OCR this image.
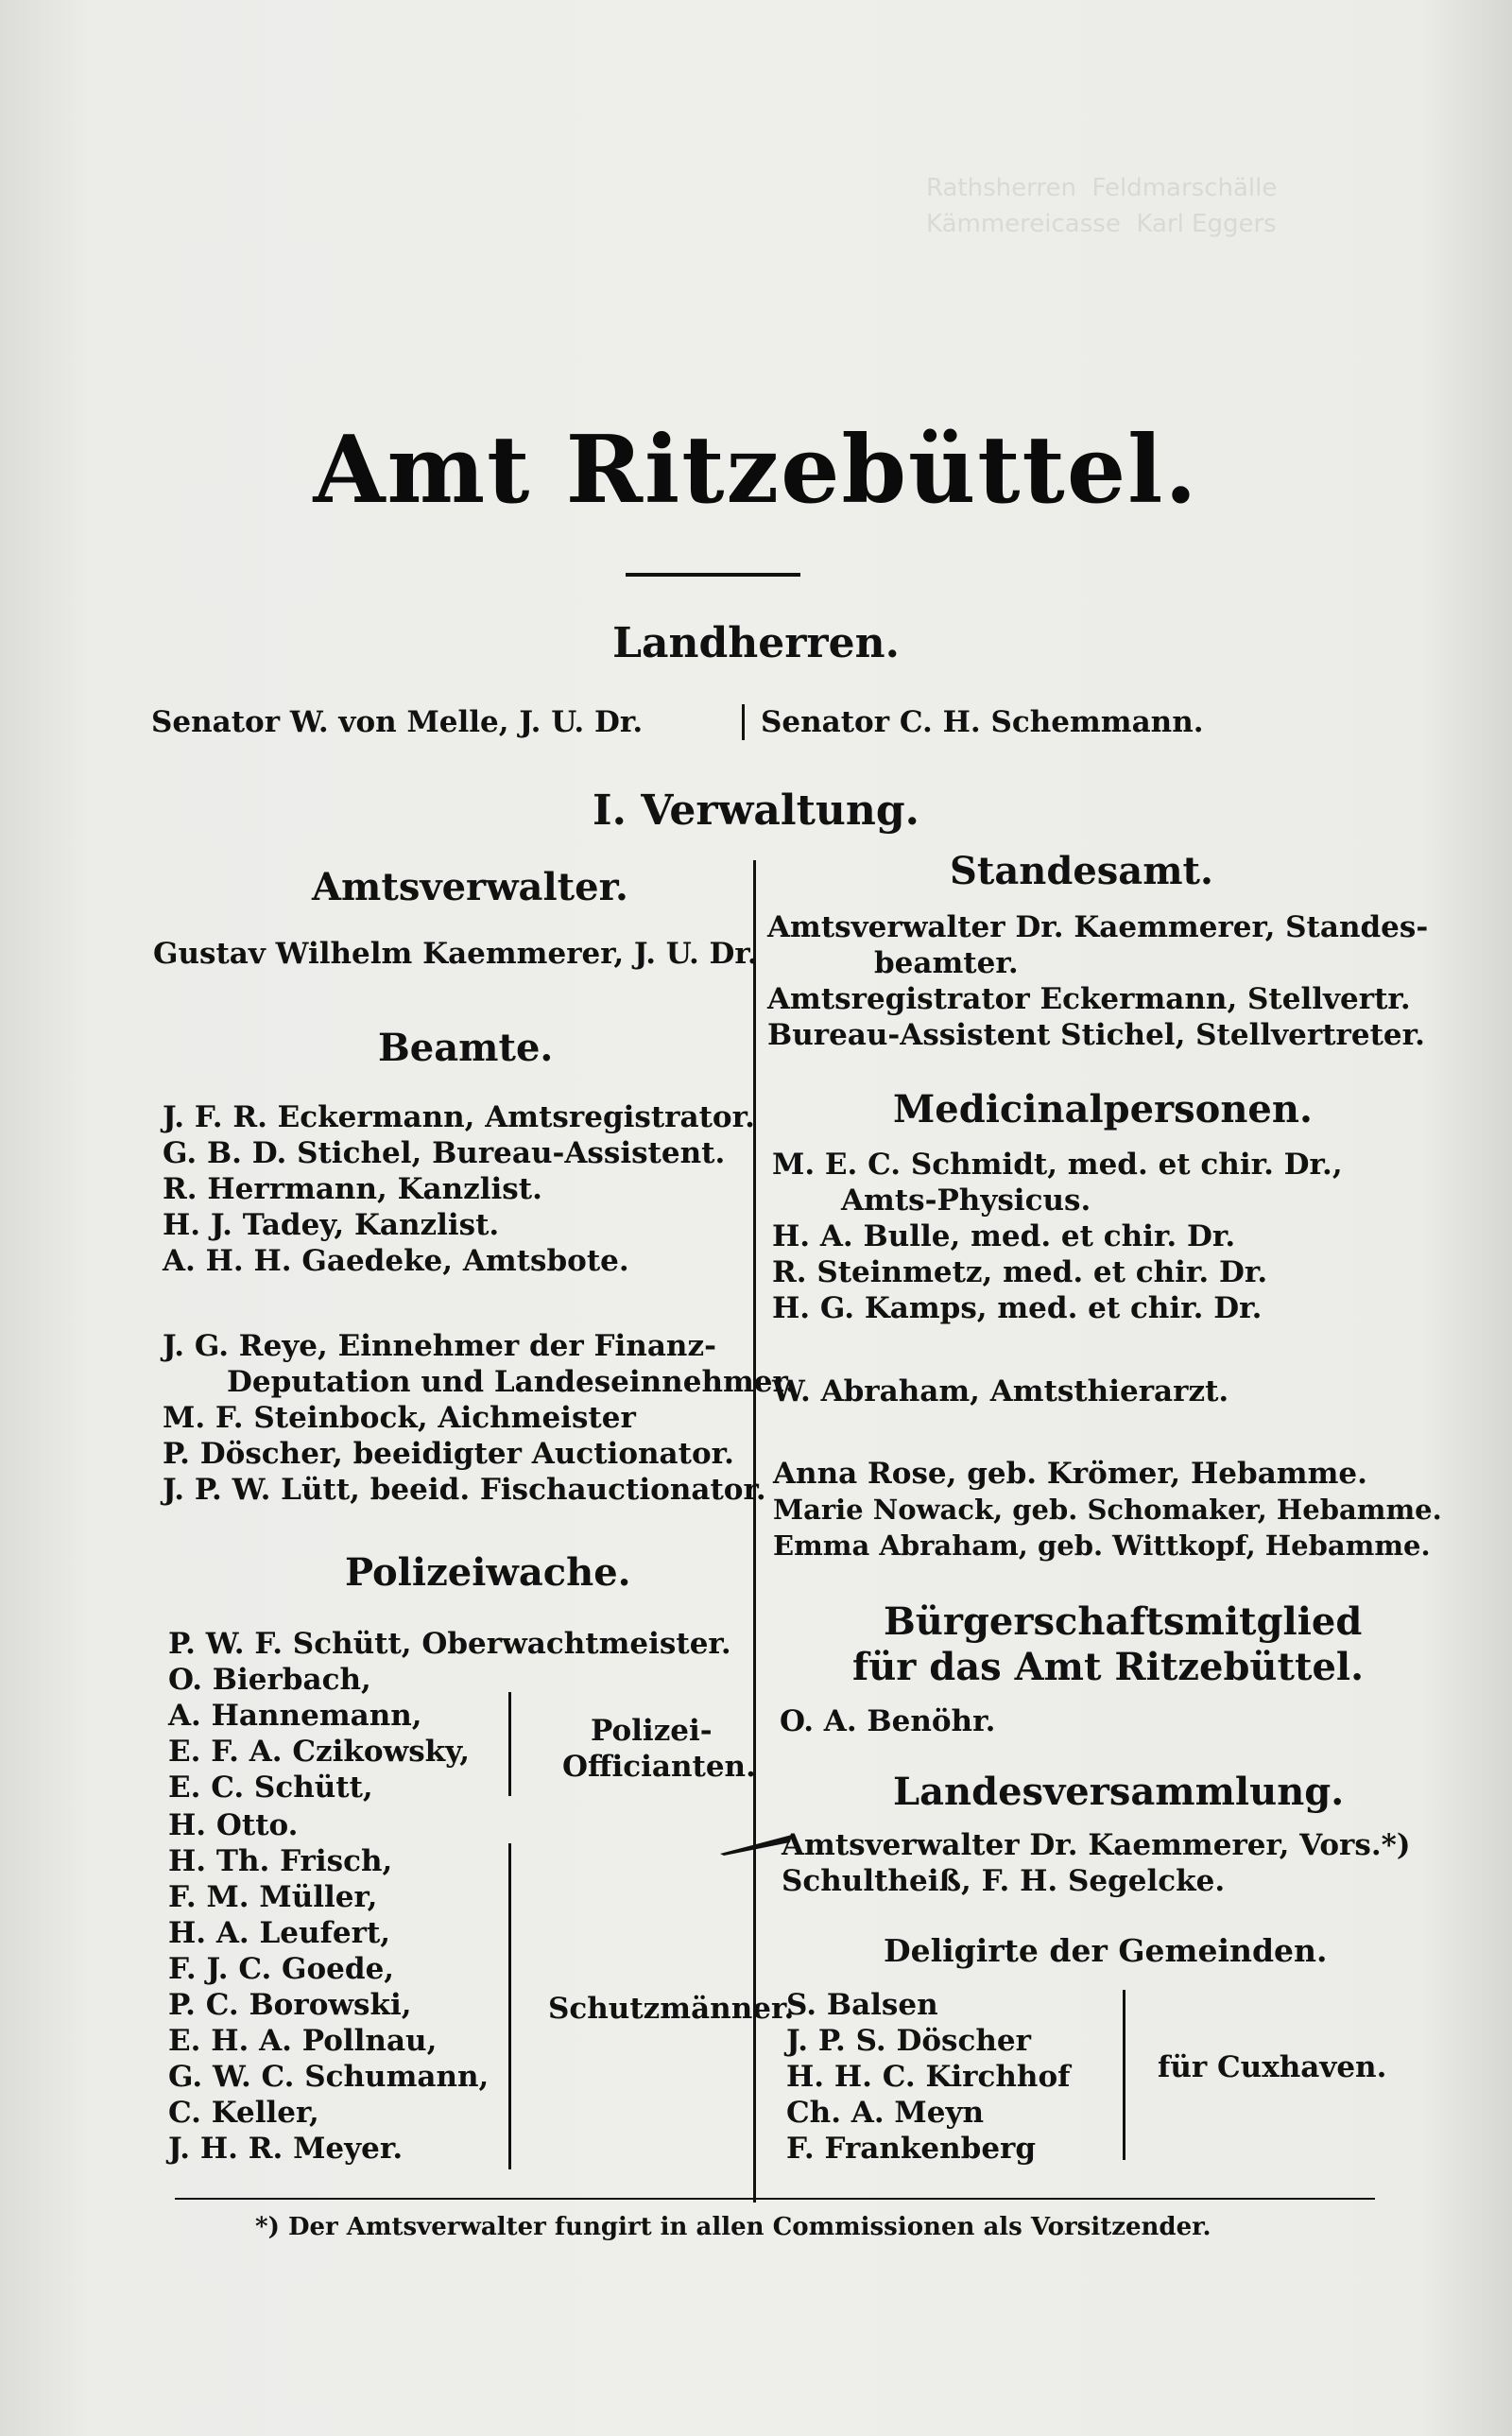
Rathsherren  Feldmarschälle
Kämmereicasse  Karl Eggers
Amt Ritzebüttel.
Landherren.
Senator W. von Melle, J. U. Dr.	Senator C. H. Schemmann.
I. Verwaltung.
Amtsverwalter.
Gustav Wilhelm Kaemmerer, J. U. Dr.
Beamte.
J. F. R. Eckermann, Amtsregistrator.
G. B. D. Stichel, Bureau-Assistent.
R. Herrmann, Kanzlist.
H. J. Tadey, Kanzlist.
A. H. H. Gaedeke, Amtsbote.
J. G. Reye, Einnehmer der Finanz-
Deputation und Landeseinnehmer.
M. F. Steinbock, Aichmeister
P. Döscher, beeidigter Auctionator.
J. P. W. Lütt, beeid. Fischauctionator.
Polizeiwache.
P. W. F. Schütt, Oberwachtmeister.
O. Bierbach,
A. Hannemann,
E. F. A. Czikowsky,
E. C. Schütt,
Polizei-
Officianten.
H. Otto.
H. Th. Frisch,
F. M. Müller,
H. A. Leufert,
F. J. C. Goede,
P. C. Borowski,
E. H. A. Pollnau,
G. W. C. Schumann,
C. Keller,
J. H. R. Meyer.
Schutzmänner.
Standesamt.
Amtsverwalter Dr. Kaemmerer, Standes-
beamter.
Amtsregistrator Eckermann, Stellvertr.
Bureau-Assistent Stichel, Stellvertreter.
Medicinalpersonen.
M. E. C. Schmidt, med. et chir. Dr.,
Amts-Physicus.
H. A. Bulle, med. et chir. Dr.
R. Steinmetz, med. et chir. Dr.
H. G. Kamps, med. et chir. Dr.
W. Abraham, Amtsthierarzt.
Anna Rose, geb. Krömer, Hebamme.
Marie Nowack, geb. Schomaker, Hebamme.
Emma Abraham, geb. Wittkopf, Hebamme.
Bürgerschaftsmitglied
für das Amt Ritzebüttel.
O. A. Benöhr.
Landesversammlung.
Amtsverwalter Dr. Kaemmerer, Vors.*)
Schultheiß, F. H. Segelcke.
Deligirte der Gemeinden.
S. Balsen
J. P. S. Döscher
H. H. C. Kirchhof
Ch. A. Meyn
F. Frankenberg
für Cuxhaven.
*) Der Amtsverwalter fungirt in allen Commissionen als Vorsitzender.
